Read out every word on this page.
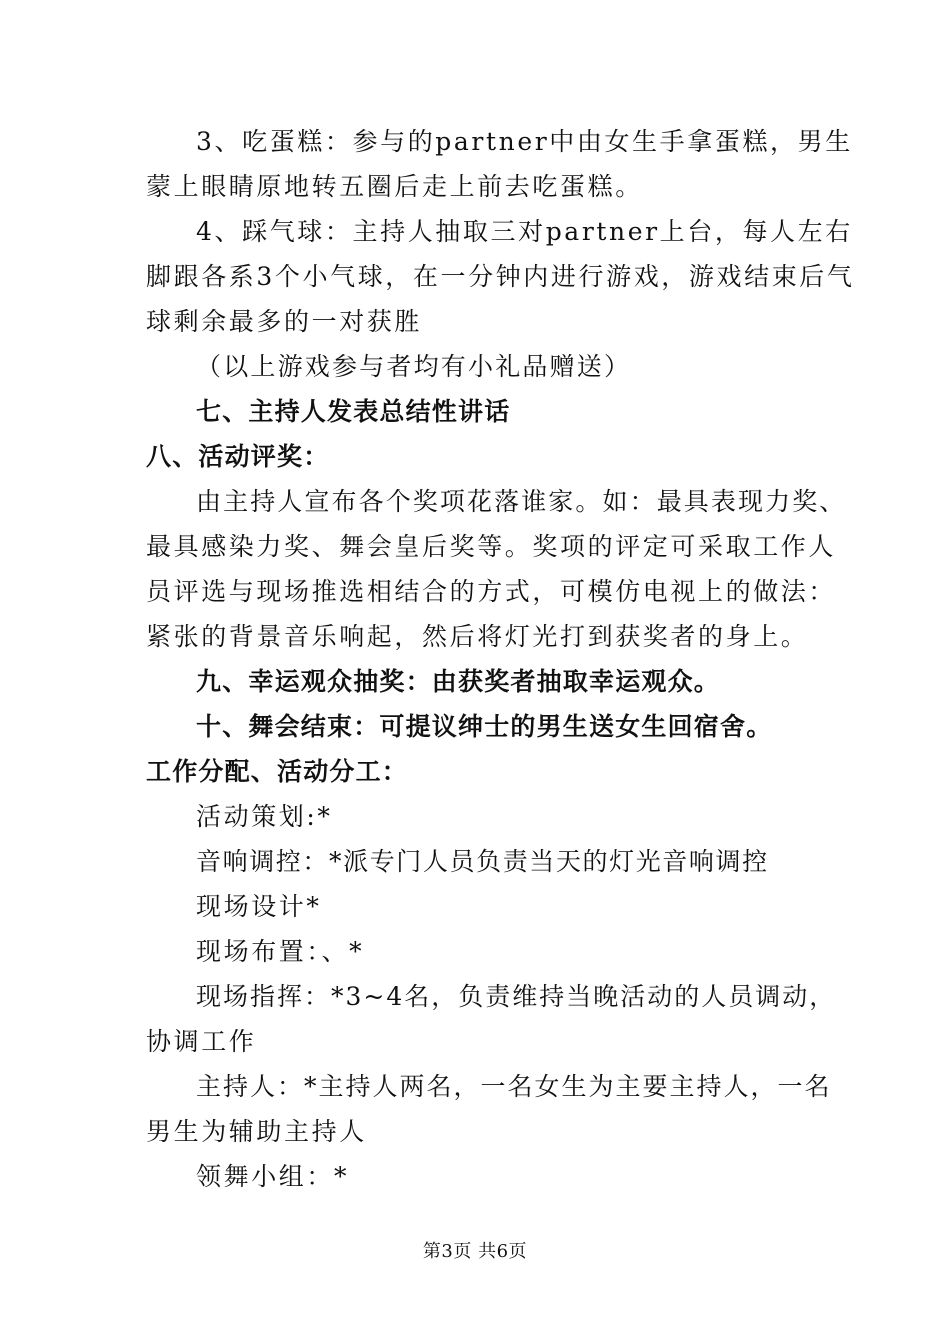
3、吃蛋糕：参与的partner中由女生手拿蛋糕，男生
蒙上眼睛原地转五圈后走上前去吃蛋糕。
4、踩气球：主持人抽取三对partner上台，每人左右
脚跟各系3个小气球，在一分钟内进行游戏，游戏结束后气
球剩余最多的一对获胜
（以上游戏参与者均有小礼品赠送）
七、主持人发表总结性讲话
八、活动评奖：
由主持人宣布各个奖项花落谁家。如：最具表现力奖、
最具感染力奖、舞会皇后奖等。奖项的评定可采取工作人
员评选与现场推选相结合的方式，可模仿电视上的做法：
紧张的背景音乐响起，然后将灯光打到获奖者的身上。
九、幸运观众抽奖：由获奖者抽取幸运观众。
十、舞会结束：可提议绅士的男生送女生回宿舍。
工作分配、活动分工：
活动策划:*
音响调控：*派专门人员负责当天的灯光音响调控
现场设计*
现场布置：、*
现场指挥：*3~4名，负责维持当晚活动的人员调动，
协调工作
主持人：*主持人两名，一名女生为主要主持人，一名
男生为辅助主持人
领舞小组：*
第3页 共6页
